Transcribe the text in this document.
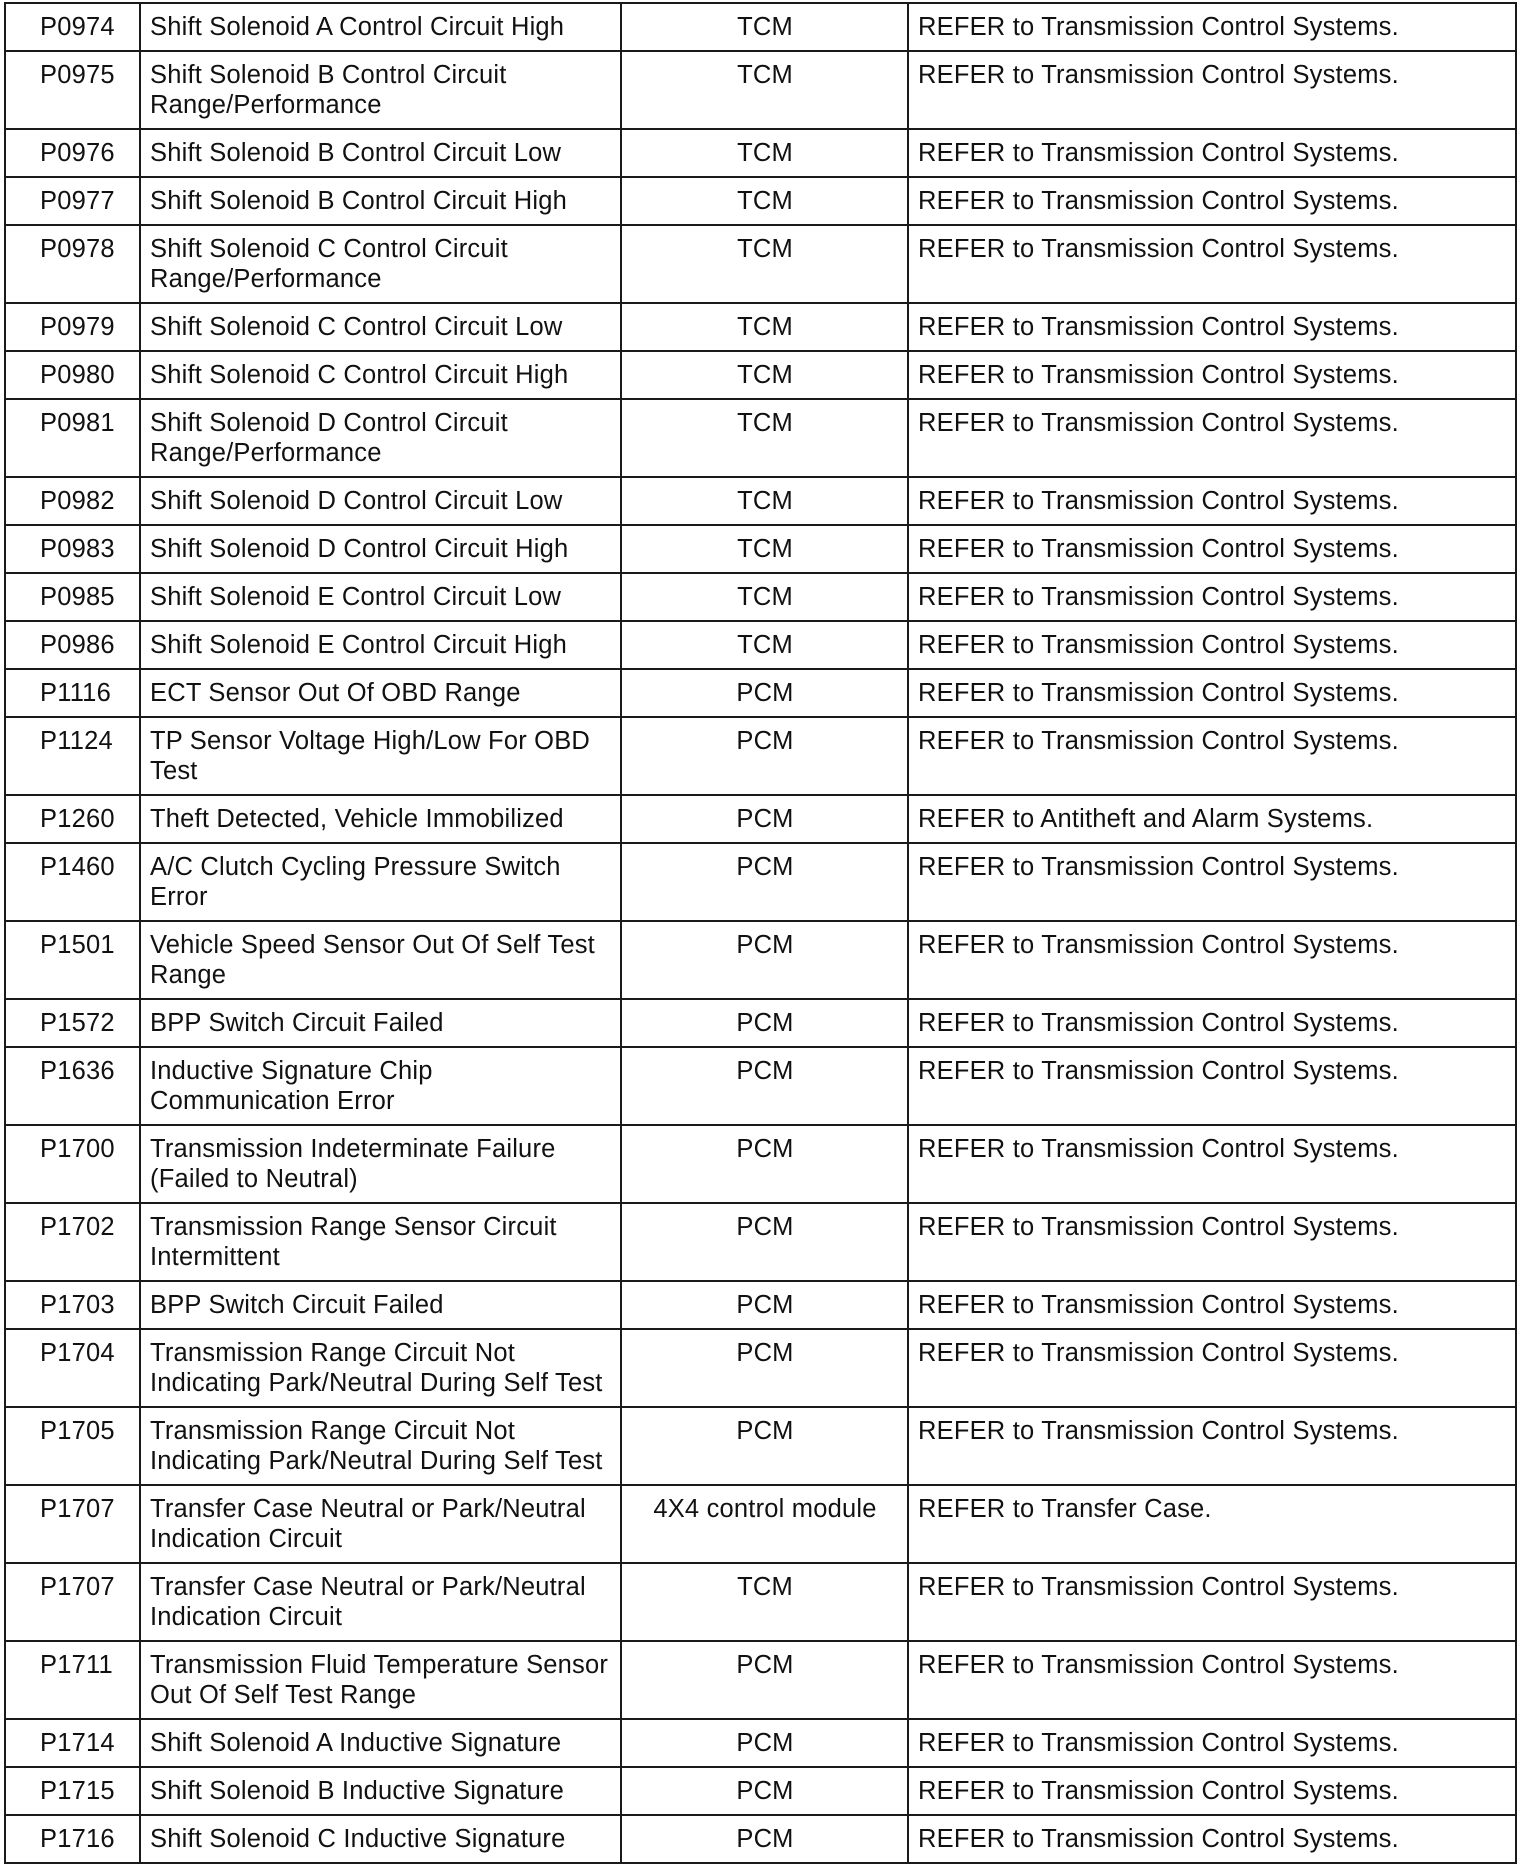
P0974	Shift Solenoid A Control Circuit High	TCM	REFER to Transmission Control Systems.
P0975	Shift Solenoid B Control Circuit Range/Performance	TCM	REFER to Transmission Control Systems.
P0976	Shift Solenoid B Control Circuit Low	TCM	REFER to Transmission Control Systems.
P0977	Shift Solenoid B Control Circuit High	TCM	REFER to Transmission Control Systems.
P0978	Shift Solenoid C Control Circuit Range/Performance	TCM	REFER to Transmission Control Systems.
P0979	Shift Solenoid C Control Circuit Low	TCM	REFER to Transmission Control Systems.
P0980	Shift Solenoid C Control Circuit High	TCM	REFER to Transmission Control Systems.
P0981	Shift Solenoid D Control Circuit Range/Performance	TCM	REFER to Transmission Control Systems.
P0982	Shift Solenoid D Control Circuit Low	TCM	REFER to Transmission Control Systems.
P0983	Shift Solenoid D Control Circuit High	TCM	REFER to Transmission Control Systems.
P0985	Shift Solenoid E Control Circuit Low	TCM	REFER to Transmission Control Systems.
P0986	Shift Solenoid E Control Circuit High	TCM	REFER to Transmission Control Systems.
P1116	ECT Sensor Out Of OBD Range	PCM	REFER to Transmission Control Systems.
P1124	TP Sensor Voltage High/Low For OBD Test	PCM	REFER to Transmission Control Systems.
P1260	Theft Detected, Vehicle Immobilized	PCM	REFER to Antitheft and Alarm Systems.
P1460	A/C Clutch Cycling Pressure Switch Error	PCM	REFER to Transmission Control Systems.
P1501	Vehicle Speed Sensor Out Of Self Test Range	PCM	REFER to Transmission Control Systems.
P1572	BPP Switch Circuit Failed	PCM	REFER to Transmission Control Systems.
P1636	Inductive Signature Chip Communication Error	PCM	REFER to Transmission Control Systems.
P1700	Transmission Indeterminate Failure (Failed to Neutral)	PCM	REFER to Transmission Control Systems.
P1702	Transmission Range Sensor Circuit Intermittent	PCM	REFER to Transmission Control Systems.
P1703	BPP Switch Circuit Failed	PCM	REFER to Transmission Control Systems.
P1704	Transmission Range Circuit Not Indicating Park/Neutral During Self Test	PCM	REFER to Transmission Control Systems.
P1705	Transmission Range Circuit Not Indicating Park/Neutral During Self Test	PCM	REFER to Transmission Control Systems.
P1707	Transfer Case Neutral or Park/Neutral Indication Circuit	4X4 control module	REFER to Transfer Case.
P1707	Transfer Case Neutral or Park/Neutral Indication Circuit	TCM	REFER to Transmission Control Systems.
P1711	Transmission Fluid Temperature Sensor Out Of Self Test Range	PCM	REFER to Transmission Control Systems.
P1714	Shift Solenoid A Inductive Signature	PCM	REFER to Transmission Control Systems.
P1715	Shift Solenoid B Inductive Signature	PCM	REFER to Transmission Control Systems.
P1716	Shift Solenoid C Inductive Signature	PCM	REFER to Transmission Control Systems.
